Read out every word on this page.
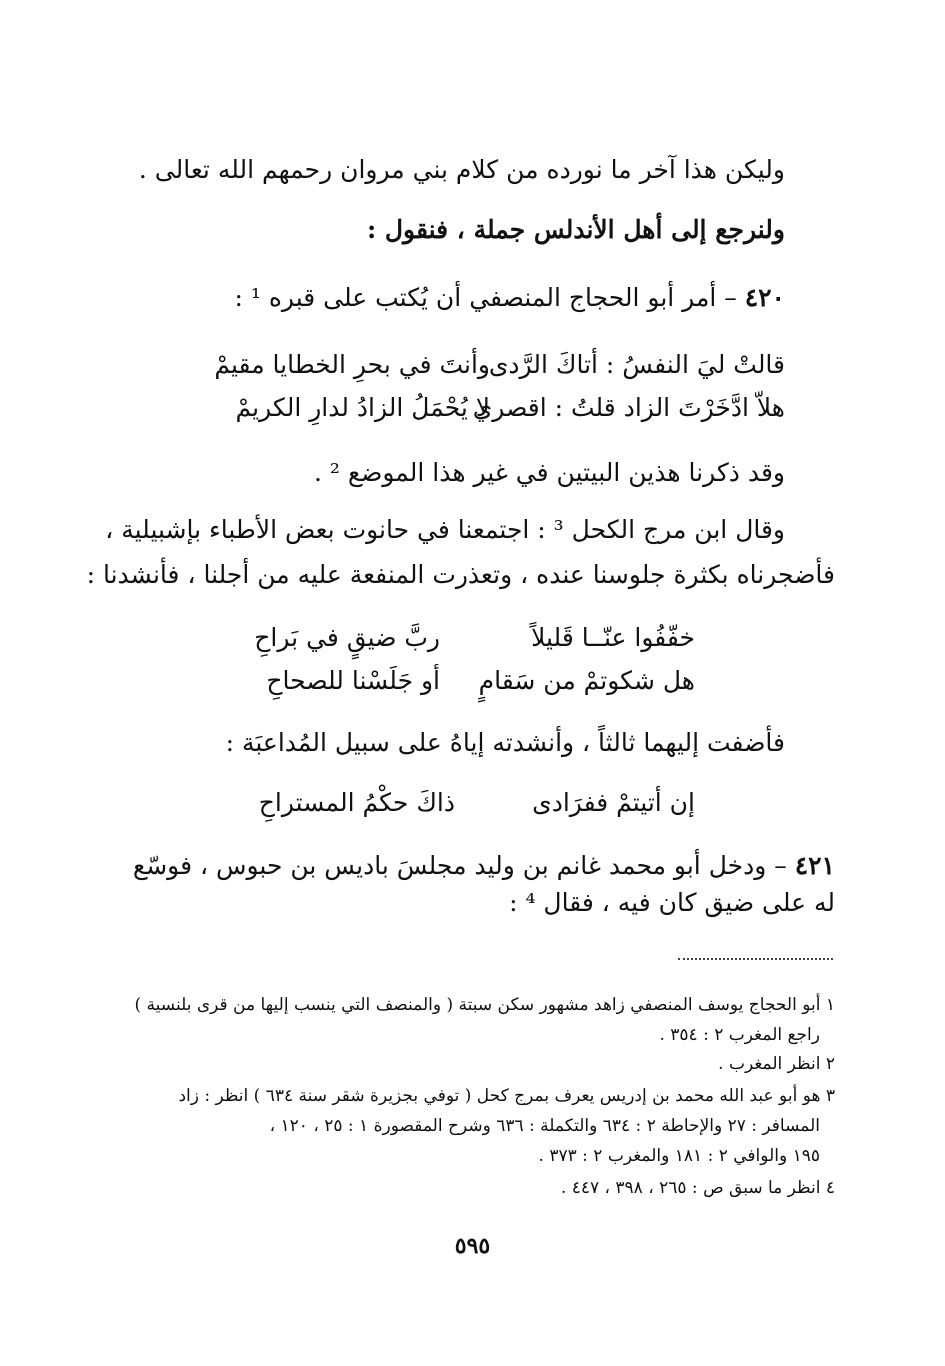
وليكن هذا آخر ما نورده من كلام بني مروان رحمهم الله تعالى .
ولنرجع إلى أهل الأندلس جملة ، فنقول :
٤٢٠ – أمر أبو الحجاج المنصفي أن يُكتب على قبره ¹ :
قالتْ ليَ النفسُ : أتاكَ الرَّدى
وأنتَ في بحرِ الخطايا مقيمْ
هلاّ ادَّخَرْتَ الزاد قلتُ : اقصري
لا يُحْمَلُ الزادُ لدارِ الكريمْ
وقد ذكرنا هذين البيتين في غير هذا الموضع ² .
وقال ابن مرج الكحل ³ : اجتمعنا في حانوت بعض الأطباء بإشبيلية ،
فأضجرناه بكثرة جلوسنا عنده ، وتعذرت المنفعة عليه من أجلنا ، فأنشدنا :
خفّفُوا عنّــا قَليلاً
ربَّ ضيقٍ في بَراحِ
هل شكوتمْ من سَقامٍ
أو جَلَسْنا للصحاحِ
فأضفت إليهما ثالثاً ، وأنشدته إياهُ على سبيل المُداعبَة :
إن أتيتمْ ففرَادى
ذاكَ حكْمُ المستراحِ
٤٢١ – ودخل أبو محمد غانم بن وليد مجلسَ باديس بن حبوس ، فوسّع
له على ضيق كان فيه ، فقال ⁴ :
١ أبو الحجاج يوسف المنصفي زاهد مشهور سكن سبتة ( والمنصف التي ينسب إليها من قرى بلنسية )
راجع المغرب ٢ : ٣٥٤ .
٢ انظر المغرب .
٣ هو أبو عبد الله محمد بن إدريس يعرف بمرج كحل ( توفي بجزيرة شقر سنة ٦٣٤ ) انظر : زاد
المسافر : ٢٧ والإحاطة ٢ : ٦٣٤ والتكملة : ٦٣٦ وشرح المقصورة ١ : ٢٥ ، ١٢٠ ،
١٩٥ والوافي ٢ : ١٨١ والمغرب ٢ : ٣٧٣ .
٤ انظر ما سبق ص : ٢٦٥ ، ٣٩٨ ، ٤٤٧ .
٥٩٥
